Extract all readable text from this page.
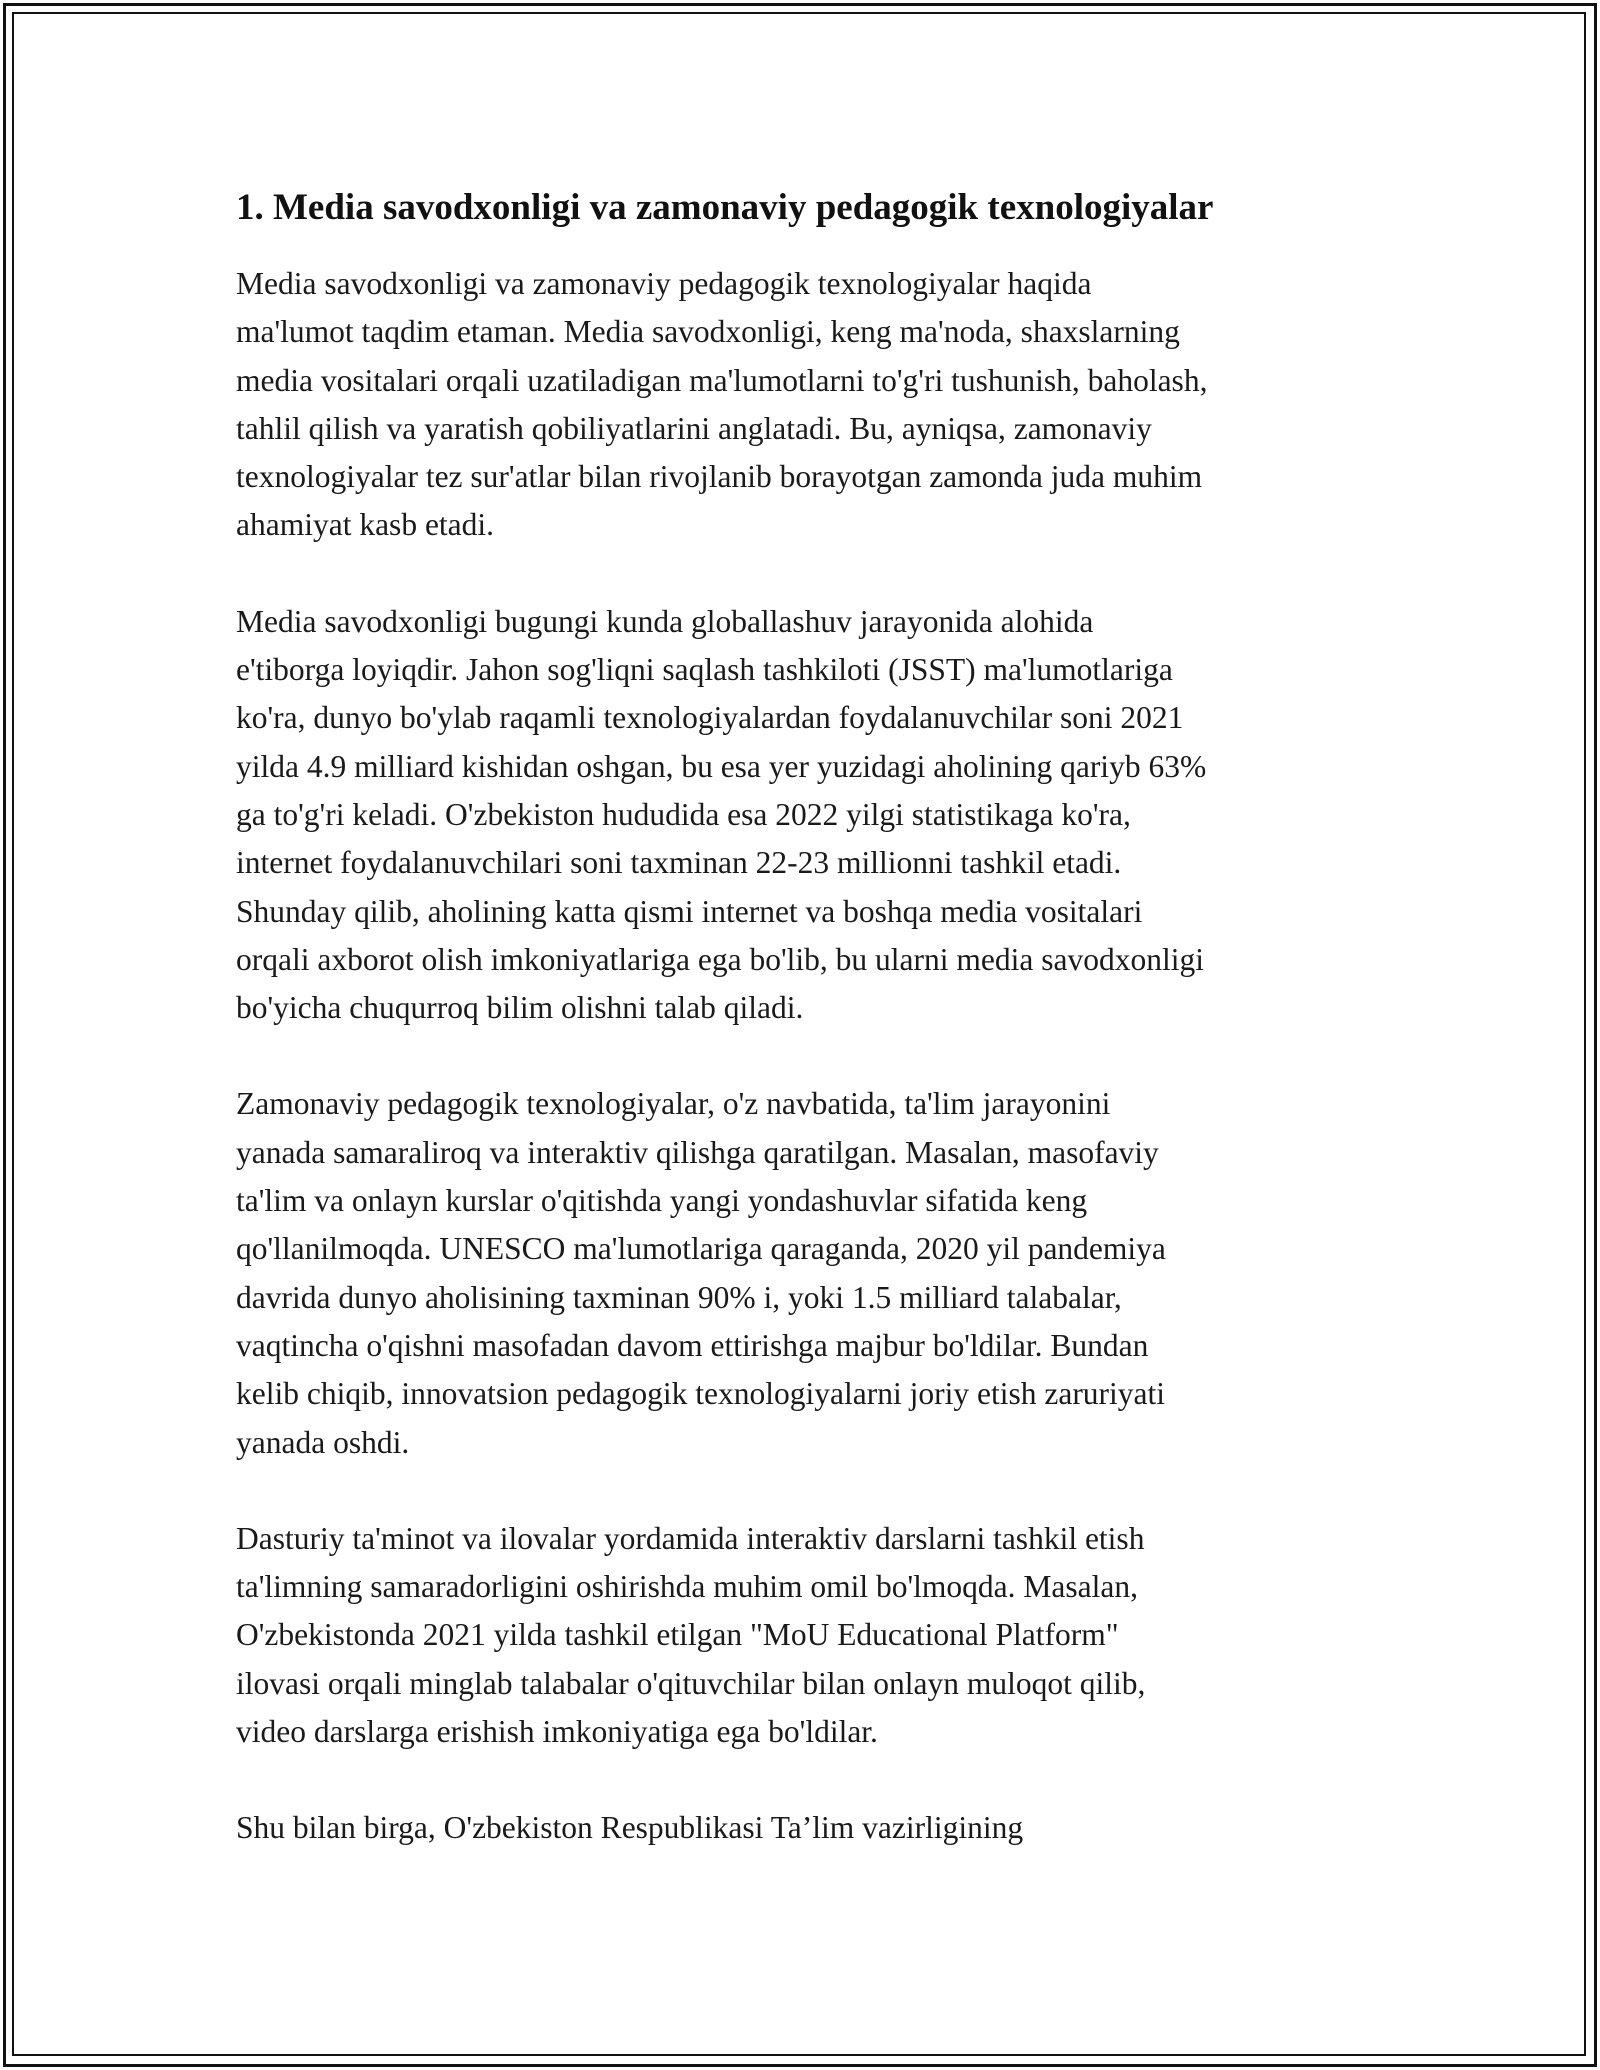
1. Media savodxonligi va zamonaviy pedagogik texnologiyalar

Media savodxonligi va zamonaviy pedagogik texnologiyalar haqida
ma'lumot taqdim etaman. Media savodxonligi, keng ma'noda, shaxslarning
media vositalari orqali uzatiladigan ma'lumotlarni to'g'ri tushunish, baholash,
tahlil qilish va yaratish qobiliyatlarini anglatadi. Bu, ayniqsa, zamonaviy
texnologiyalar tez sur'atlar bilan rivojlanib borayotgan zamonda juda muhim
ahamiyat kasb etadi.

Media savodxonligi bugungi kunda globallashuv jarayonida alohida
e'tiborga loyiqdir. Jahon sog'liqni saqlash tashkiloti (JSST) ma'lumotlariga
ko'ra, dunyo bo'ylab raqamli texnologiyalardan foydalanuvchilar soni 2021
yilda 4.9 milliard kishidan oshgan, bu esa yer yuzidagi aholining qariyb 63%
ga to'g'ri keladi. O'zbekiston hududida esa 2022 yilgi statistikaga ko'ra,
internet foydalanuvchilari soni taxminan 22-23 millionni tashkil etadi.
Shunday qilib, aholining katta qismi internet va boshqa media vositalari
orqali axborot olish imkoniyatlariga ega bo'lib, bu ularni media savodxonligi
bo'yicha chuqurroq bilim olishni talab qiladi.

Zamonaviy pedagogik texnologiyalar, o'z navbatida, ta'lim jarayonini
yanada samaraliroq va interaktiv qilishga qaratilgan. Masalan, masofaviy
ta'lim va onlayn kurslar o'qitishda yangi yondashuvlar sifatida keng
qo'llanilmoqda. UNESCO ma'lumotlariga qaraganda, 2020 yil pandemiya
davrida dunyo aholisining taxminan 90% i, yoki 1.5 milliard talabalar,
vaqtincha o'qishni masofadan davom ettirishga majbur bo'ldilar. Bundan
kelib chiqib, innovatsion pedagogik texnologiyalarni joriy etish zaruriyati
yanada oshdi.

Dasturiy ta'minot va ilovalar yordamida interaktiv darslarni tashkil etish
ta'limning samaradorligini oshirishda muhim omil bo'lmoqda. Masalan,
O'zbekistonda 2021 yilda tashkil etilgan "MoU Educational Platform"
ilovasi orqali minglab talabalar o'qituvchilar bilan onlayn muloqot qilib,
video darslarga erishish imkoniyatiga ega bo'ldilar.

Shu bilan birga, O'zbekiston Respublikasi Ta’lim vazirligining
